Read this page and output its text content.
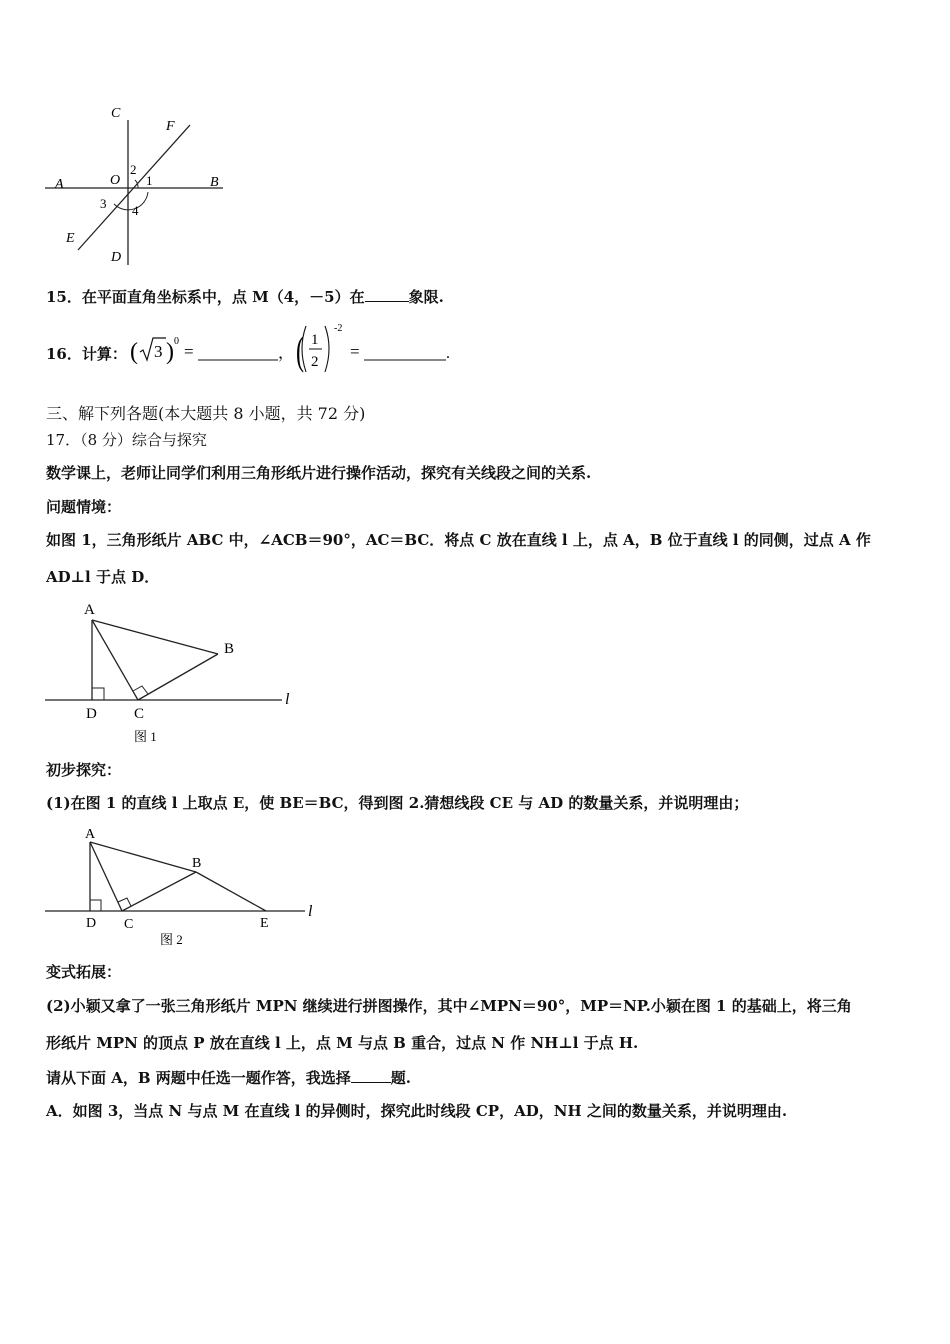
C
F
A	O
2
1	B
3 4
E
D
15．在平面直角坐标系中，点 M（4，－5）在	象限.
16．计算： ( 3 ) 0
=	， ( 1
2
-2
=	.
三、解下列各题(本大题共 8 小题，共 72 分)
17．（8 分）综合与探究
数学课上，老师让同学们利用三角形纸片进行操作活动，探究有关线段之间的关系.
问题情境：
如图 1，三角形纸片 ABC 中，∠ACB＝90°，AC＝BC．将点 C 放在直线 l 上，点 A，B 位于直线 l 的同侧，过点 A 作
AD⊥l 于点 D．
A
B
D C
l
图 1
初步探究：
(1)在图 1 的直线 l 上取点 E，使 BE＝BC，得到图 2.猜想线段 CE 与 AD 的数量关系，并说明理由；
A
B
D C	E
l
图 2
变式拓展：
(2)小颖又拿了一张三角形纸片 MPN 继续进行拼图操作，其中∠MPN＝90°，MP＝NP.小颖在图 1 的基础上，将三角
形纸片 MPN 的顶点 P 放在直线 l 上，点 M 与点 B 重合，过点 N 作 NH⊥l 于点 H.
请从下面 A，B 两题中任选一题作答，我选择	题.
A．如图 3，当点 N 与点 M 在直线 l 的异侧时，探究此时线段 CP，AD，NH 之间的数量关系，并说明理由.
